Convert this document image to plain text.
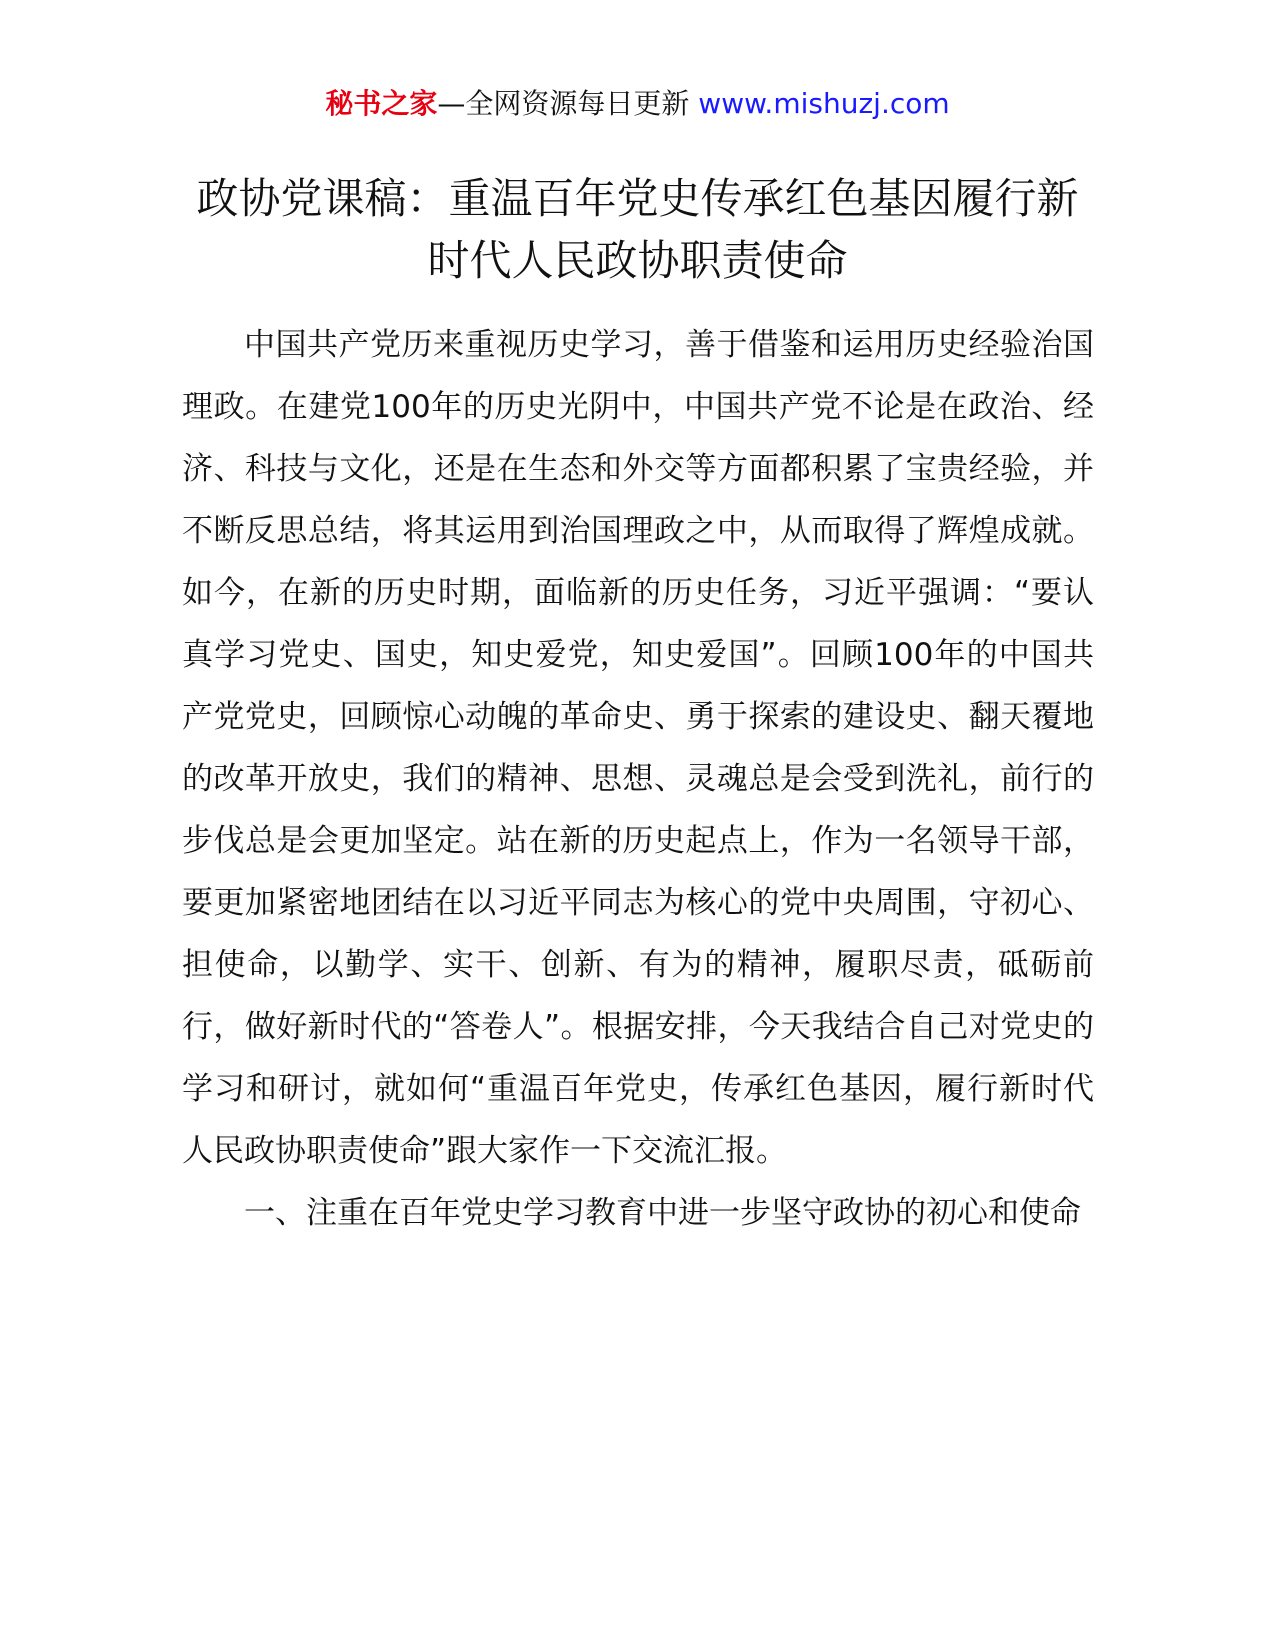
秘书之家—全网资源每日更新 www.mishuzj.com
政协党课稿：重温百年党史传承红色基因履行新时代人民政协职责使命

中国共产党历来重视历史学习，善于借鉴和运用历史经验治国理政。在建党100年的历史光阴中，中国共产党不论是在政治、经济、科技与文化，还是在生态和外交等方面都积累了宝贵经验，并不断反思总结，将其运用到治国理政之中，从而取得了辉煌成就。如今，在新的历史时期，面临新的历史任务，习近平强调：“要认真学习党史、国史，知史爱党，知史爱国”。回顾100年的中国共产党党史，回顾惊心动魄的革命史、勇于探索的建设史、翻天覆地的改革开放史，我们的精神、思想、灵魂总是会受到洗礼，前行的步伐总是会更加坚定。站在新的历史起点上，作为一名领导干部，要更加紧密地团结在以习近平同志为核心的党中央周围，守初心、担使命，以勤学、实干、创新、有为的精神，履职尽责，砥砺前行，做好新时代的“答卷人”。根据安排，今天我结合自己对党史的学习和研讨，就如何“重温百年党史，传承红色基因，履行新时代人民政协职责使命”跟大家作一下交流汇报。

一、注重在百年党史学习教育中进一步坚守政协的初心和使命
